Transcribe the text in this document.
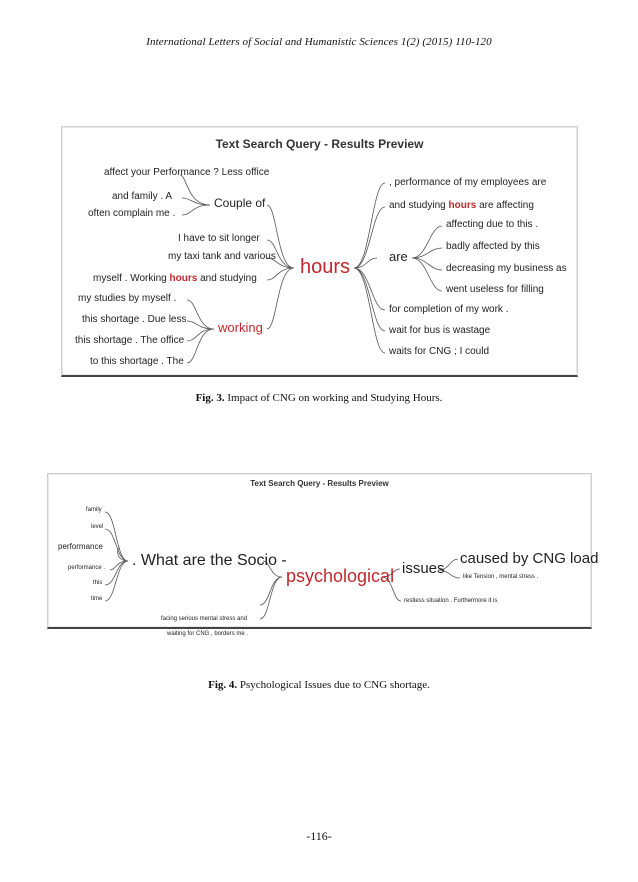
International Letters of Social and Humanistic Sciences 1(2) (2015) 110-120
Text Search Query - Results Preview
affect your Performance ? Less office
and family . A
often complain me .
Couple of
I have to sit longer
my taxi tank and various
myself . Working hours and studying
my studies by myself .
this shortage . Due less
this shortage . The office
to this shortage . The
working
hours
, performance of my employees are
and studying hours are affecting
are
affecting due to this .
badly affected by this
decreasing my business as
went useless for filling
for completion of my work .
wait for bus is wastage
waits for CNG ; I could
Fig. 3. Impact of CNG on working and Studying Hours.
Text Search Query - Results Preview
family
level
performance
performance .
this
time
. What are the Socio -
psychological issues
caused by CNG load
like Tension , mental stress .
restless situation . Furthermore it is
facing serious mental stress and
waiting for CNG , borders me .
Fig. 4. Psychological Issues due to CNG shortage.
-116-
